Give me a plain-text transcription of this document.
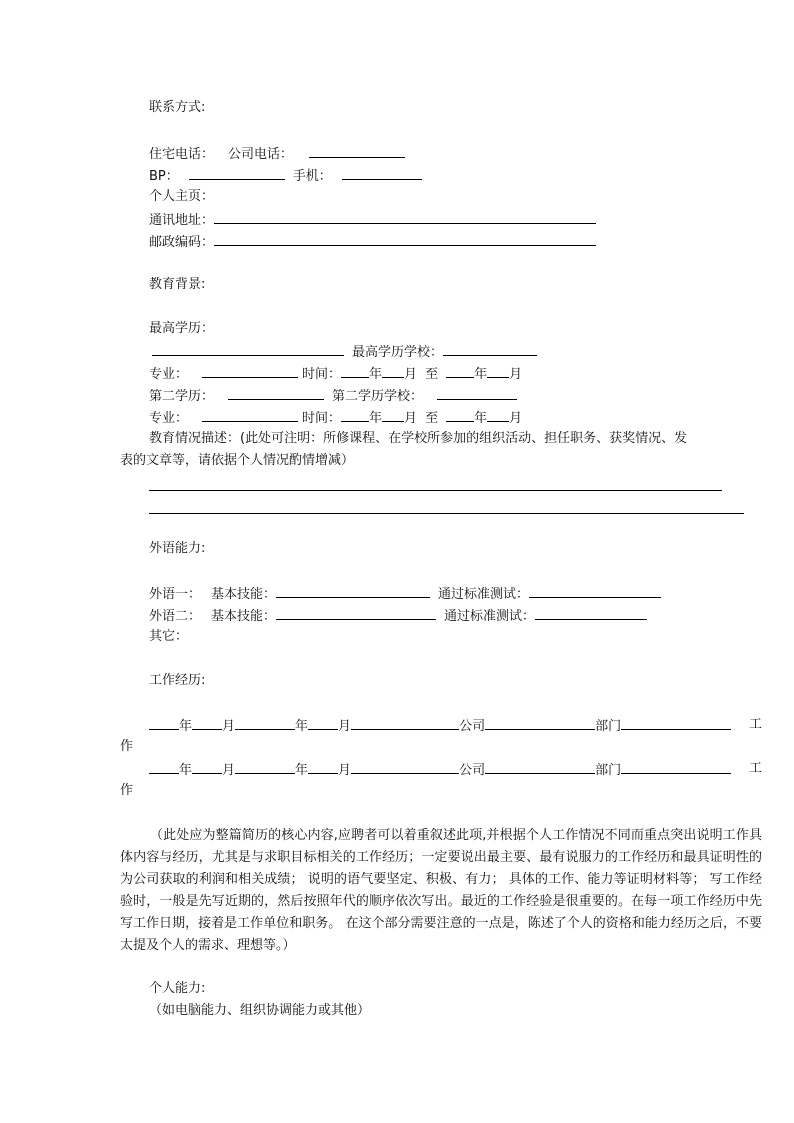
联系方式:
住宅电话： 公司电话：
BP：	手机：
个人主页：
通讯地址：
邮政编码：
教育背景:
最高学历：
最高学历学校：
专业：	时间： 年 月 至	年 月
第二学历：	第二学历学校：
专业：	时间： 年 月 至	年 月
教育情况描述：(此处可注明：所修课程、在学校所参加的组织活动、担任职务、获奖情况、发
表的文章等，请依据个人情况酌情增减）
外语能力:
外语一： 基本技能：	通过标准测试：
外语二： 基本技能：	通过标准测试：
其它：
工作经历:
年 月	年 月	公司	部门	工
作
年 月	年 月	公司	部门	工
作
（此处应为整篇简历的核心内容,应聘者可以着重叙述此项,并根据个人工作情况不同而重点突出说明工作具体内容与经历，尤其是与求职目标相关的工作经历；一定要说出最主要、最有说服力的工作经历和最具证明性的为公司获取的利润和相关成绩； 说明的语气要坚定、积极、有力； 具体的工作、能力等证明材料等； 写工作经验时，一般是先写近期的，然后按照年代的顺序依次写出。最近的工作经验是很重要的。在每一项工作经历中先写工作日期，接着是工作单位和职务。 在这个部分需要注意的一点是，陈述了个人的资格和能力经历之后，不要太提及个人的需求、理想等。）
个人能力:
（如电脑能力、组织协调能力或其他）
